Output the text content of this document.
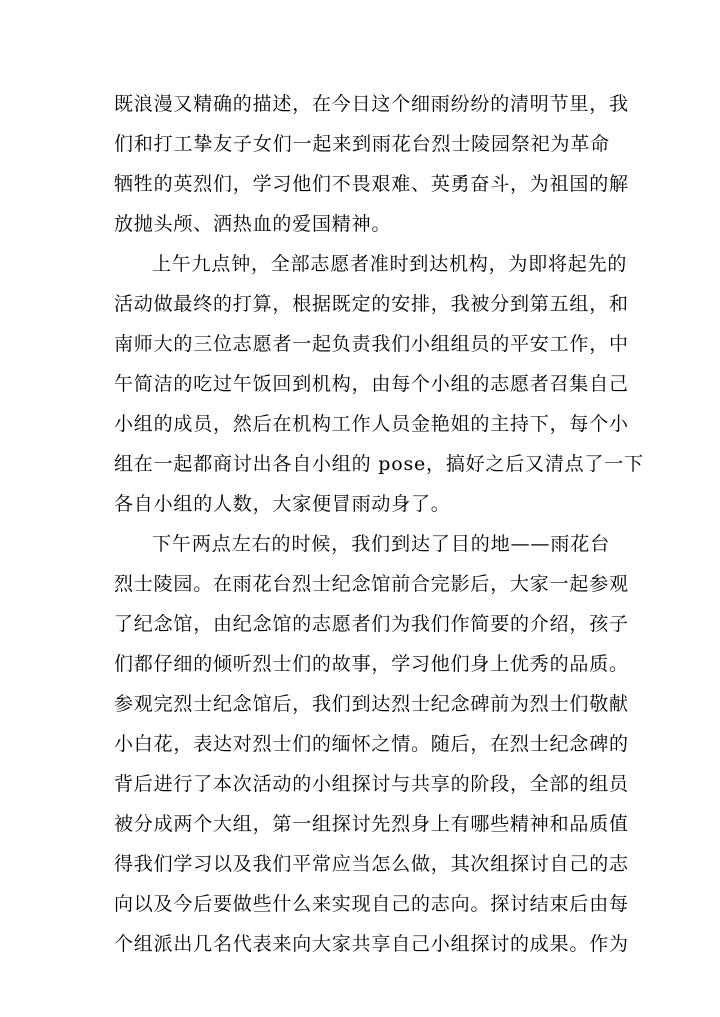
既浪漫又精确的描述，在今日这个细雨纷纷的清明节里，我
们和打工挚友子女们一起来到雨花台烈士陵园祭祀为革命
牺牲的英烈们，学习他们不畏艰难、英勇奋斗，为祖国的解
放抛头颅、洒热血的爱国精神。
上午九点钟，全部志愿者准时到达机构，为即将起先的
活动做最终的打算，根据既定的安排，我被分到第五组，和
南师大的三位志愿者一起负责我们小组组员的平安工作，中
午简洁的吃过午饭回到机构，由每个小组的志愿者召集自己
小组的成员，然后在机构工作人员金艳姐的主持下，每个小
组在一起都商讨出各自小组的 pose，搞好之后又清点了一下
各自小组的人数，大家便冒雨动身了。
下午两点左右的时候，我们到达了目的地——雨花台
烈士陵园。在雨花台烈士纪念馆前合完影后，大家一起参观
了纪念馆，由纪念馆的志愿者们为我们作简要的介绍，孩子
们都仔细的倾听烈士们的故事，学习他们身上优秀的品质。
参观完烈士纪念馆后，我们到达烈士纪念碑前为烈士们敬献
小白花，表达对烈士们的缅怀之情。随后，在烈士纪念碑的
背后进行了本次活动的小组探讨与共享的阶段，全部的组员
被分成两个大组，第一组探讨先烈身上有哪些精神和品质值
得我们学习以及我们平常应当怎么做，其次组探讨自己的志
向以及今后要做些什么来实现自己的志向。探讨结束后由每
个组派出几名代表来向大家共享自己小组探讨的成果。作为
